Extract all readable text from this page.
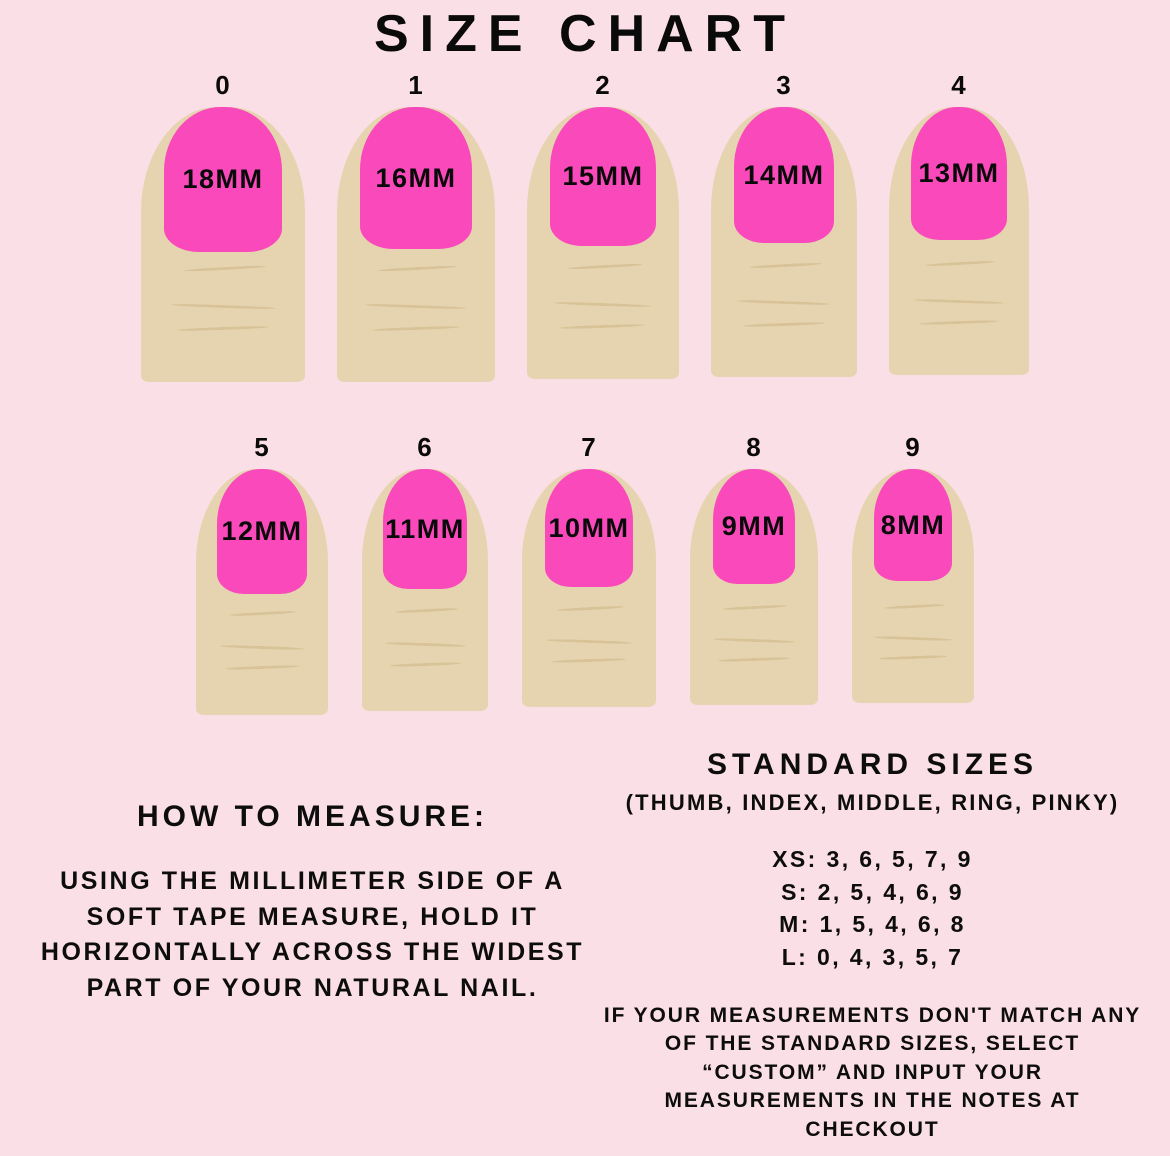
SIZE CHART
0
18MM
1
16MM
2
15MM
3
14MM
4
13MM
5
12MM
6
11MM
7
10MM
8
9MM
9
8MM
HOW TO MEASURE:
USING THE MILLIMETER SIDE OF A SOFT TAPE MEASURE, HOLD IT HORIZONTALLY ACROSS THE WIDEST PART OF YOUR NATURAL NAIL.
STANDARD SIZES
(THUMB, INDEX, MIDDLE, RING, PINKY)
XS: 3, 6, 5, 7, 9
S: 2, 5, 4, 6, 9
M: 1, 5, 4, 6, 8
L: 0, 4, 3, 5, 7
IF YOUR MEASUREMENTS DON'T MATCH ANY OF THE STANDARD SIZES, SELECT “CUSTOM” AND INPUT YOUR MEASUREMENTS IN THE NOTES AT CHECKOUT
